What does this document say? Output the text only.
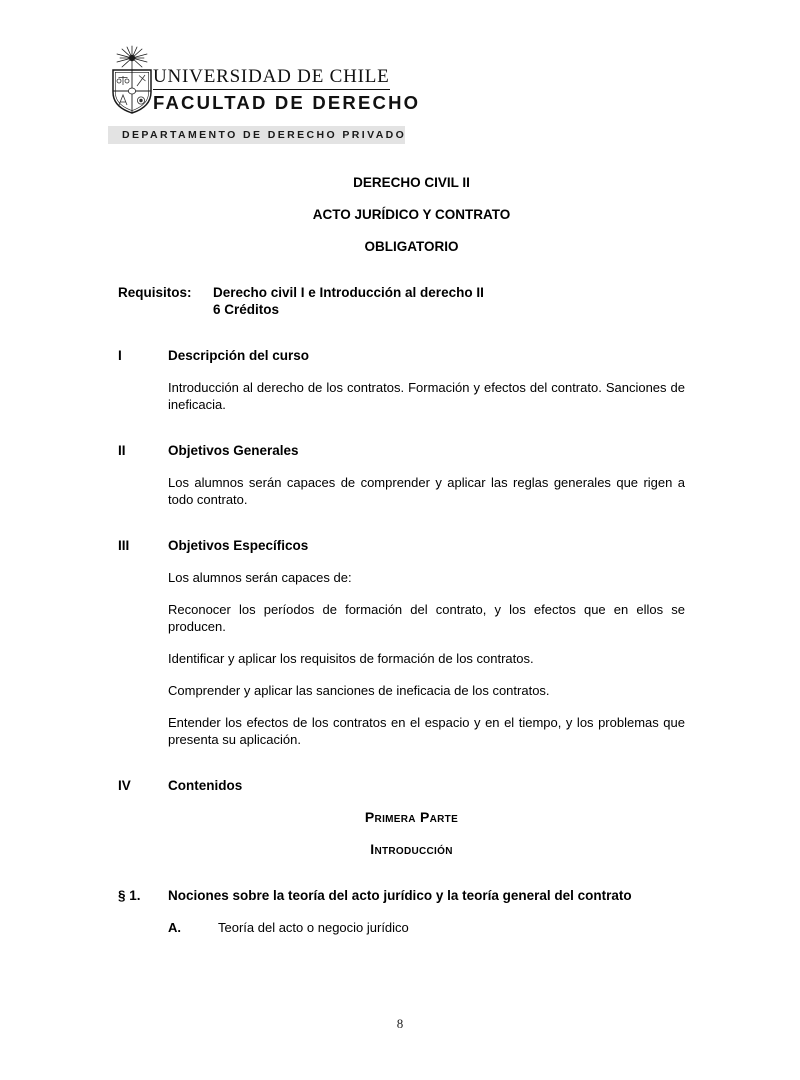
UNIVERSIDAD DE CHILE
FACULTAD DE DERECHO
DEPARTAMENTO DE DERECHO PRIVADO
DERECHO CIVIL II
ACTO JURÍDICO Y CONTRATO
OBLIGATORIO
Requisitos:	Derecho civil I e Introducción al derecho II
6 Créditos
I	Descripción del curso

Introducción al derecho de los contratos. Formación y efectos del contrato. Sanciones de ineficacia.

II	Objetivos Generales

Los alumnos serán capaces de comprender y aplicar las reglas generales que rigen a todo contrato.

III	Objetivos Específicos

Los alumnos serán capaces de:

Reconocer los períodos de formación del contrato, y los efectos que en ellos se producen.

Identificar y aplicar los requisitos de formación de los contratos.

Comprender y aplicar las sanciones de ineficacia de los contratos.

Entender los efectos de los contratos en el espacio y en el tiempo, y los problemas que presenta su aplicación.

IV	Contenidos
Primera Parte
Introducción
§ 1.	Nociones sobre la teoría del acto jurídico y la teoría general del contrato
A.	Teoría del acto o negocio jurídico
8
